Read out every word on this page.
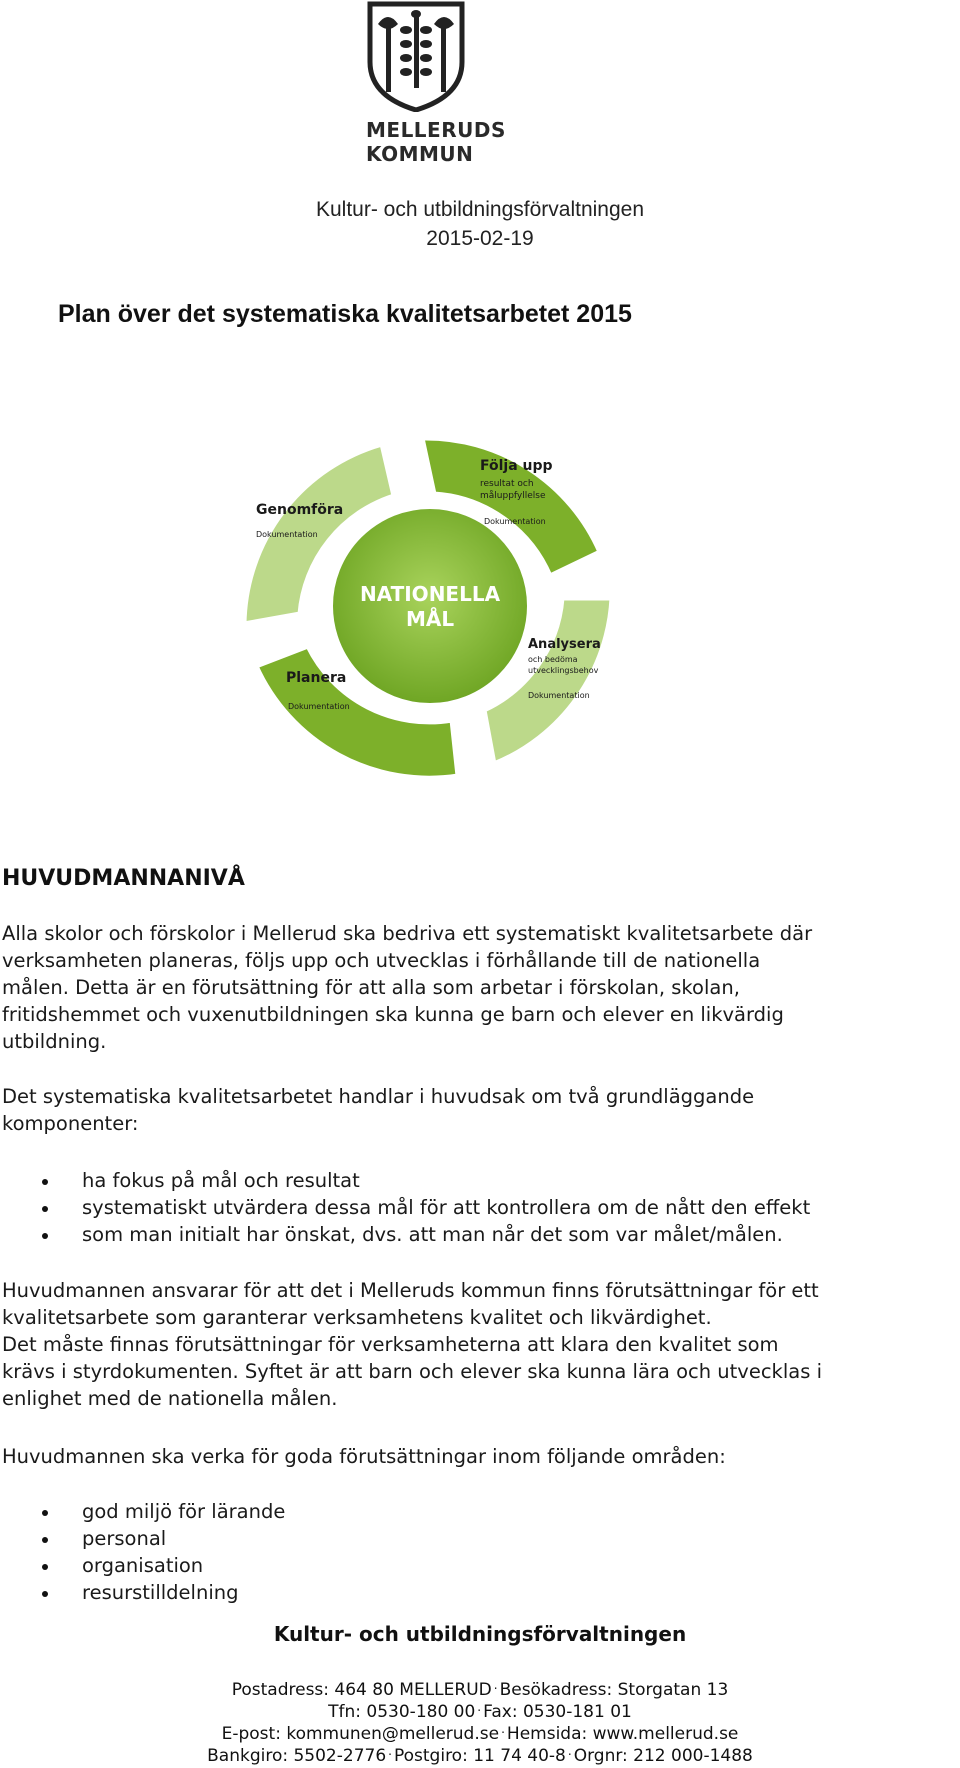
MELLERUDS
KOMMUN
Kultur- och utbildningsförvaltningen
2015-02-19
Plan över det systematiska kvalitetsarbetet 2015
NATIONELLA
MÅL
Följa upp
resultat och
måluppfyllelse
Dokumentation
Analysera
och bedöma
utvecklingsbehov
Dokumentation
Planera
Dokumentation
Genomföra
Dokumentation
HUVUDMANNANIVÅ

Alla skolor och förskolor i Mellerud ska bedriva ett systematiskt kvalitetsarbete där

verksamheten planeras, följs upp och utvecklas i förhållande till de nationella

målen. Detta är en förutsättning för att alla som arbetar i förskolan, skolan,

fritidshemmet och vuxenutbildningen ska kunna ge barn och elever en likvärdig

utbildning.

Det systematiska kvalitetsarbetet handlar i huvudsak om två grundläggande

komponenter:

ha fokus på mål och resultat
systematiskt utvärdera dessa mål för att kontrollera om de nått den effekt
som man initialt har önskat, dvs. att man når det som var målet/målen.

Huvudmannen ansvarar för att det i Melleruds kommun finns förutsättningar för ett

kvalitetsarbete som garanterar verksamhetens kvalitet och likvärdighet.

Det måste finnas förutsättningar för verksamheterna att klara den kvalitet som

krävs i styrdokumenten. Syftet är att barn och elever ska kunna lära och utvecklas i

enlighet med de nationella målen.

Huvudmannen ska verka för goda förutsättningar inom följande områden:
god miljö för lärande
personal
organisation
resurstilldelning
Kultur- och utbildningsförvaltningen
Postadress: 464 80 MELLERUD . Besökadress: Storgatan 13
Tfn: 0530-180 00 . Fax: 0530-181 01
E-post: kommunen@mellerud.se . Hemsida: www.mellerud.se
Bankgiro: 5502-2776 . Postgiro: 11 74 40-8 . Orgnr: 212 000-1488
